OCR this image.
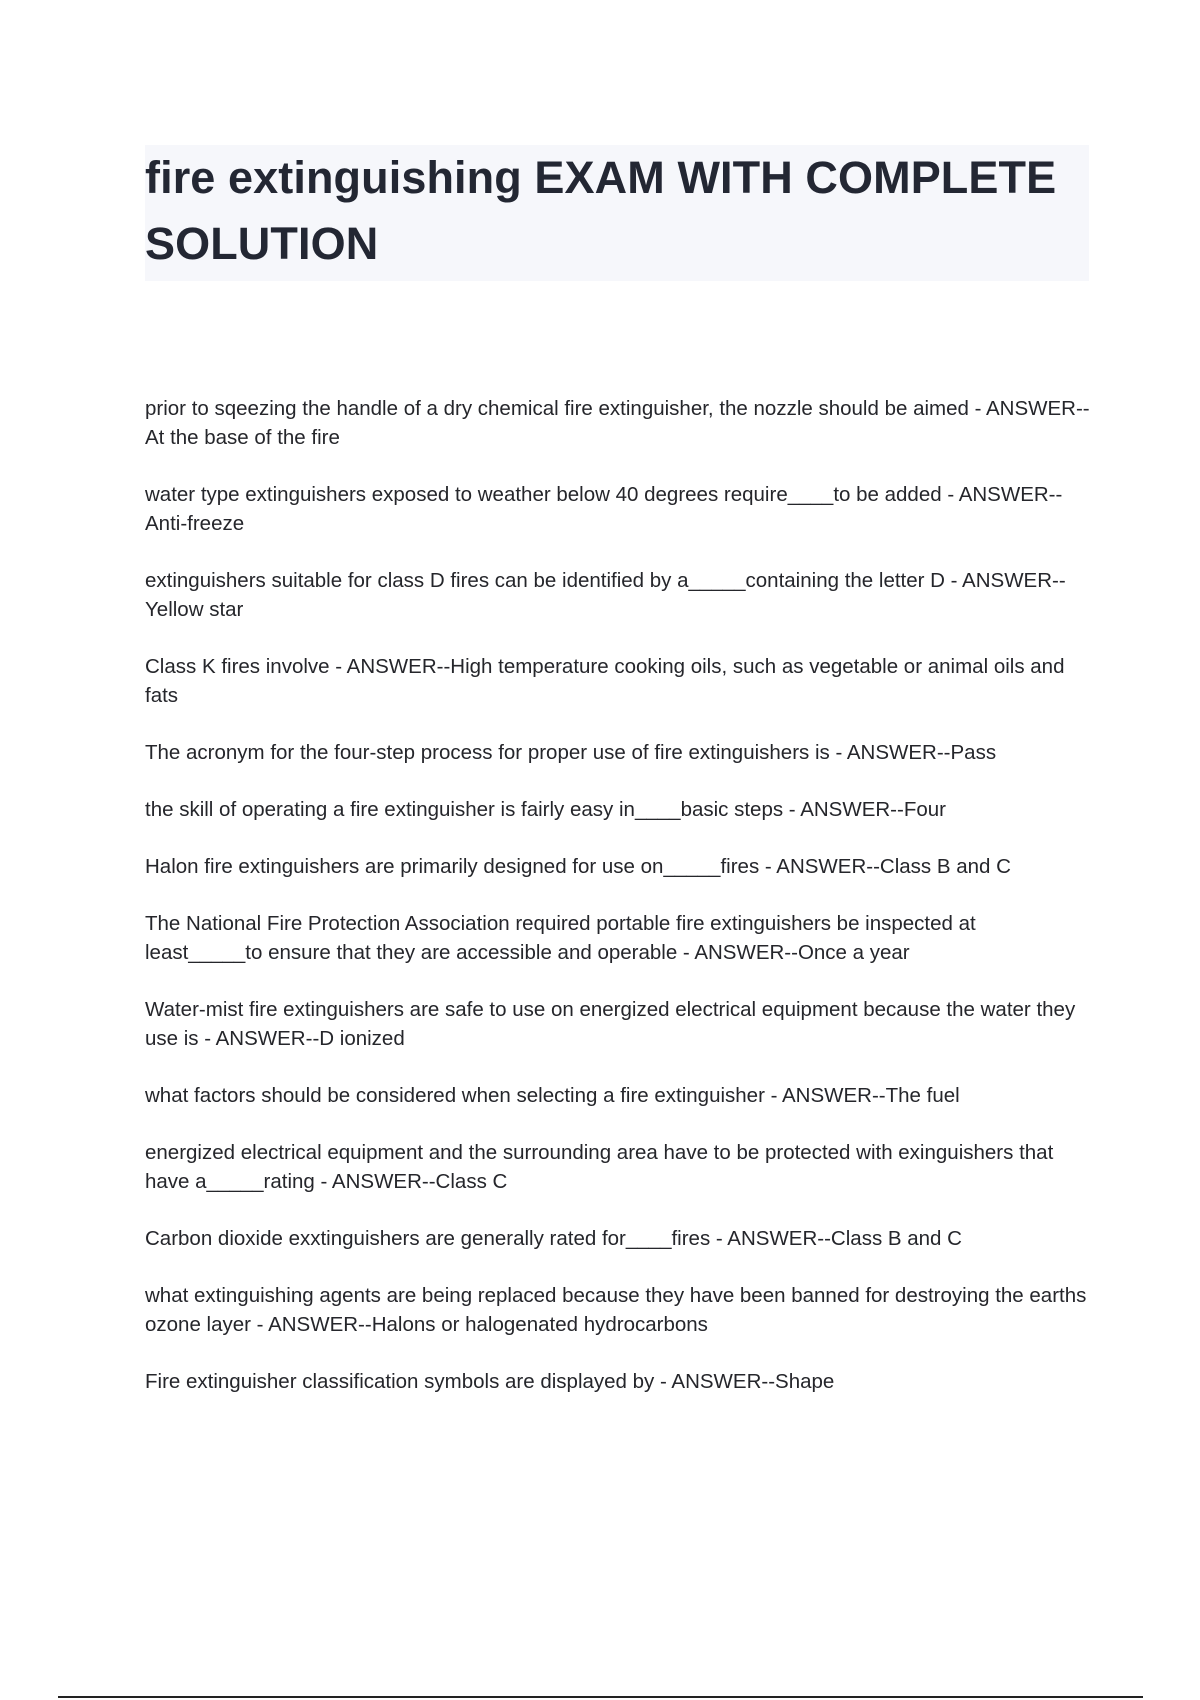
fire extinguishing EXAM WITH COMPLETE SOLUTION
prior to sqeezing the handle of a dry chemical fire extinguisher, the nozzle should be aimed - ANSWER--At the base of the fire
water type extinguishers exposed to weather below 40 degrees require____to be added - ANSWER--Anti-freeze
extinguishers suitable for class D fires can be identified by a_____containing the letter D - ANSWER--Yellow star
Class K fires involve - ANSWER--High temperature cooking oils, such as vegetable or animal oils and fats
The acronym for the four-step process for proper use of fire extinguishers is - ANSWER--Pass
the skill of operating a fire extinguisher is fairly easy in____basic steps - ANSWER--Four
Halon fire extinguishers are primarily designed for use on_____fires - ANSWER--Class B and C
The National Fire Protection Association required portable fire extinguishers be inspected at least_____to ensure that they are accessible and operable - ANSWER--Once a year
Water-mist fire extinguishers are safe to use on energized electrical equipment because the water they use is - ANSWER--D ionized
what factors should be considered when selecting a fire extinguisher - ANSWER--The fuel
energized electrical equipment and the surrounding area have to be protected with exinguishers that have a_____rating - ANSWER--Class C
Carbon dioxide exxtinguishers are generally rated for____fires - ANSWER--Class B and C
what extinguishing agents are being replaced because they have been banned for destroying the earths ozone layer - ANSWER--Halons or halogenated hydrocarbons
Fire extinguisher classification symbols are displayed by - ANSWER--Shape
